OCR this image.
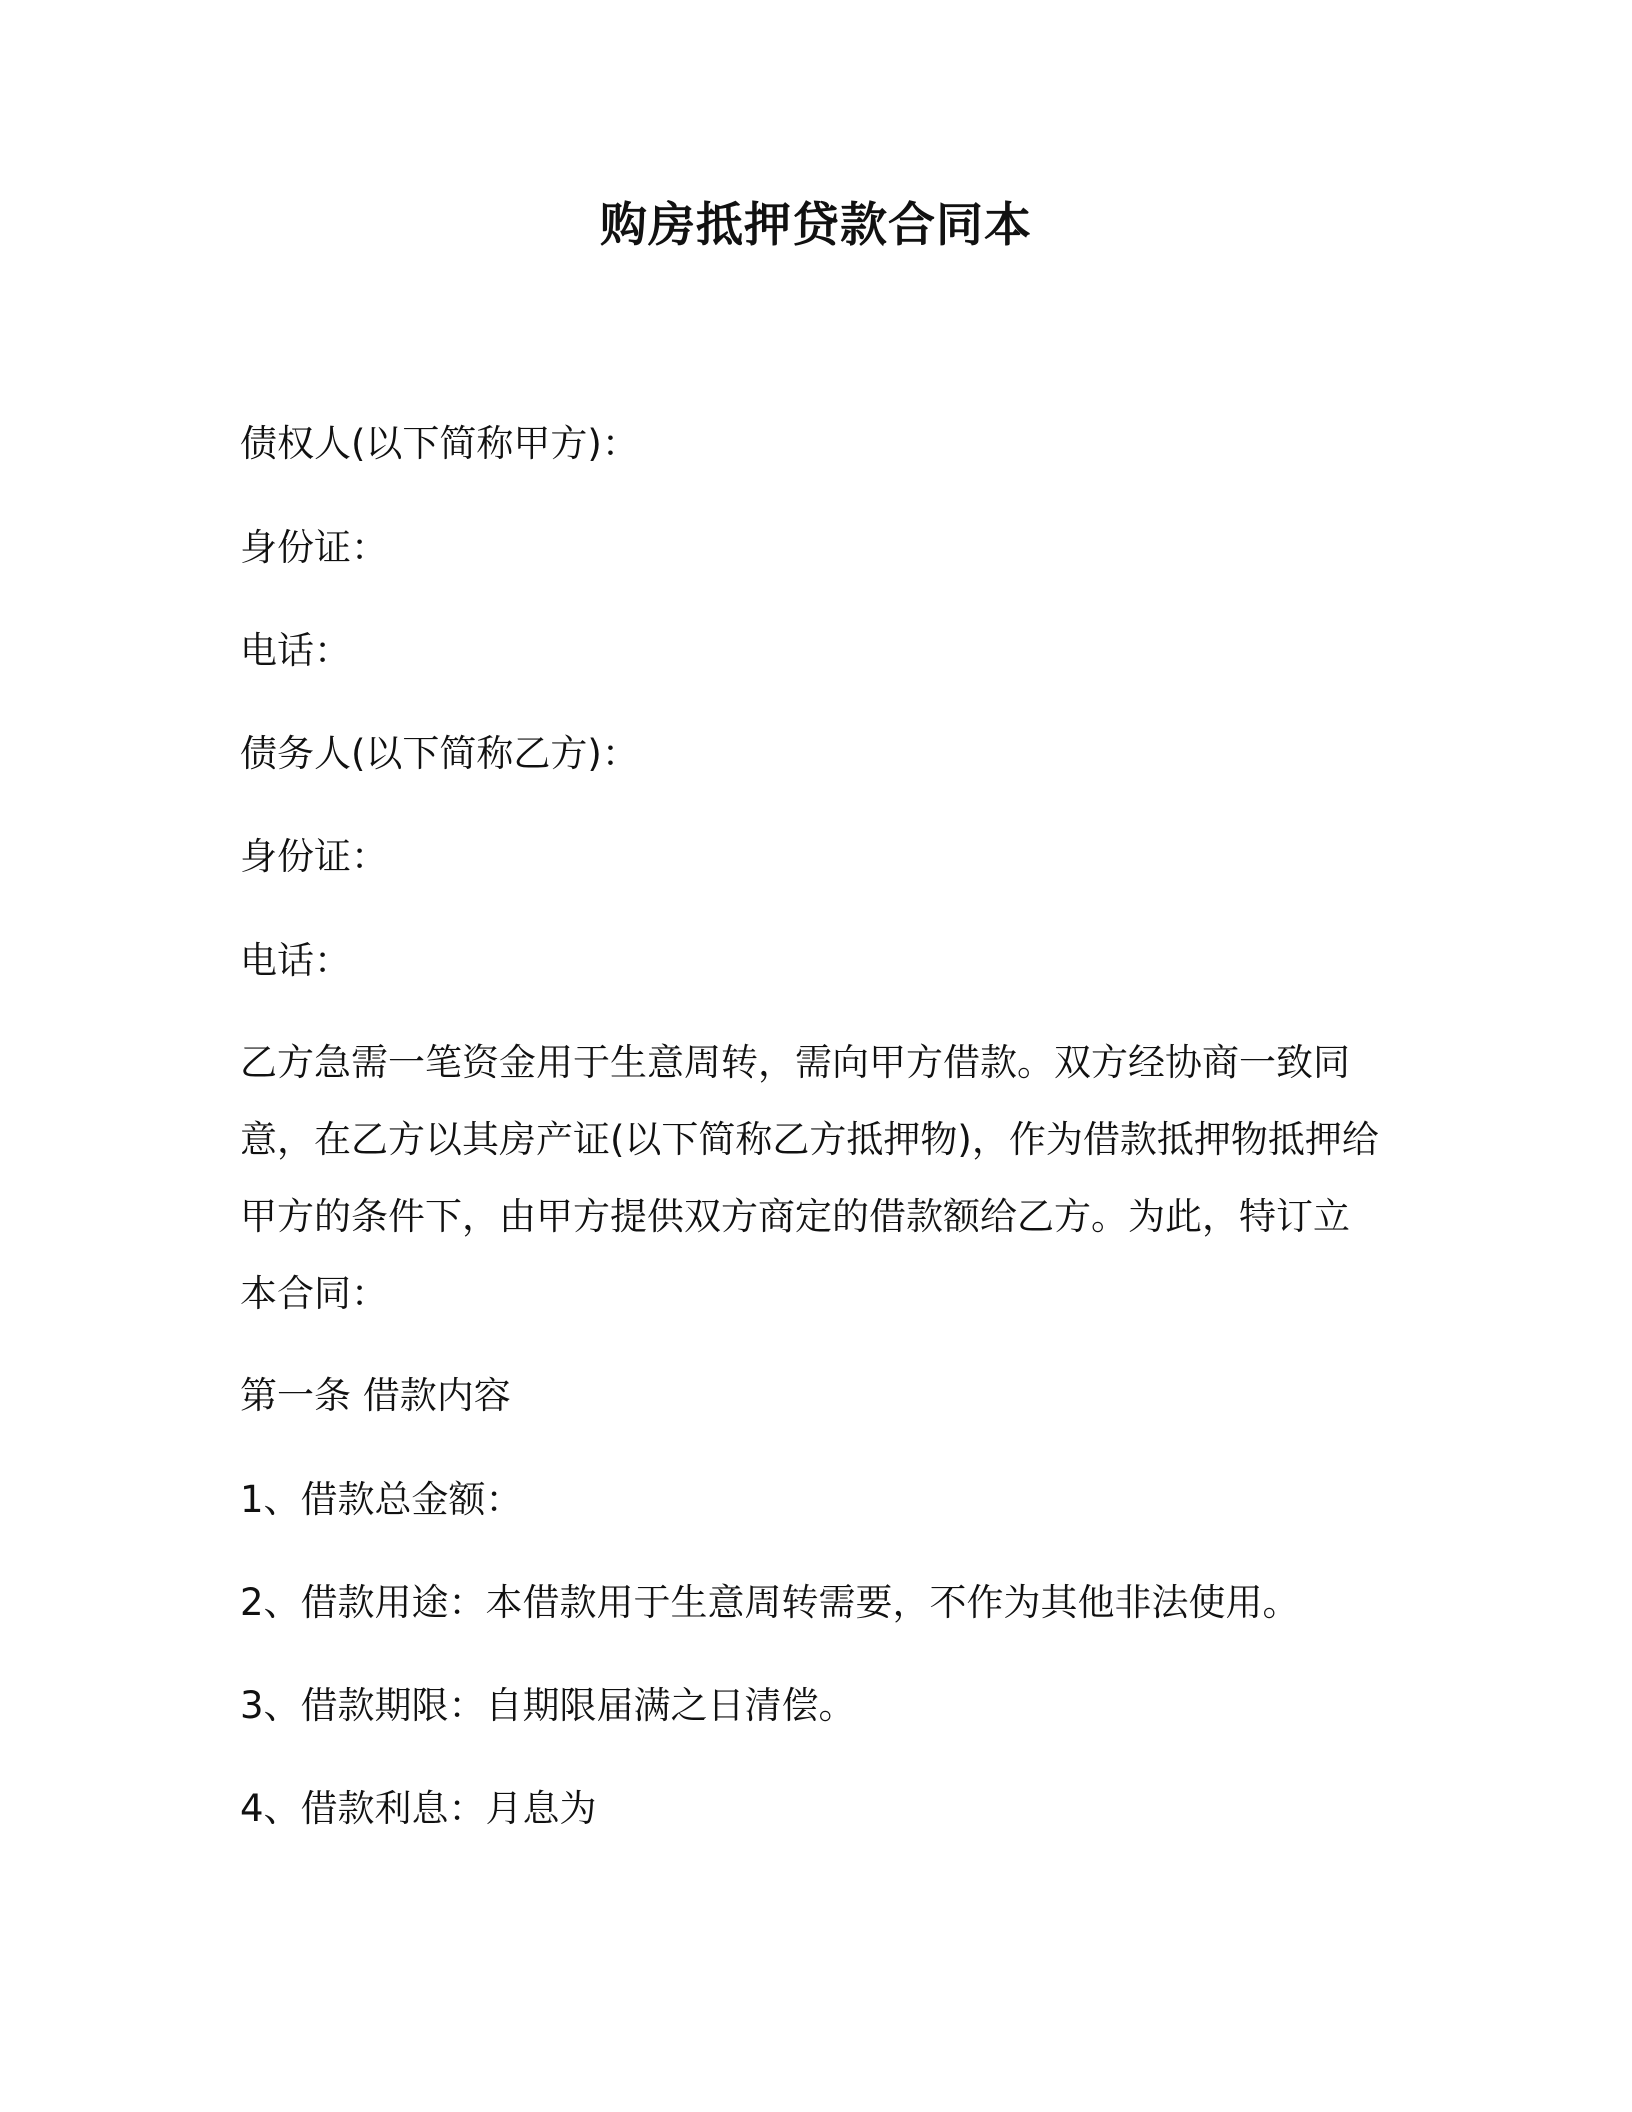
购房抵押贷款合同本
债权人(以下简称甲方)：
身份证：
电话：
债务人(以下简称乙方)：
身份证：
电话：
乙方急需一笔资金用于生意周转，需向甲方借款。双方经协商一致同
意，在乙方以其房产证(以下简称乙方抵押物)，作为借款抵押物抵押给
甲方的条件下，由甲方提供双方商定的借款额给乙方。为此，特订立
本合同：
第一条 借款内容
1、借款总金额：
2、借款用途：本借款用于生意周转需要，不作为其他非法使用。
3、借款期限：自期限届满之日清偿。
4、借款利息：月息为
